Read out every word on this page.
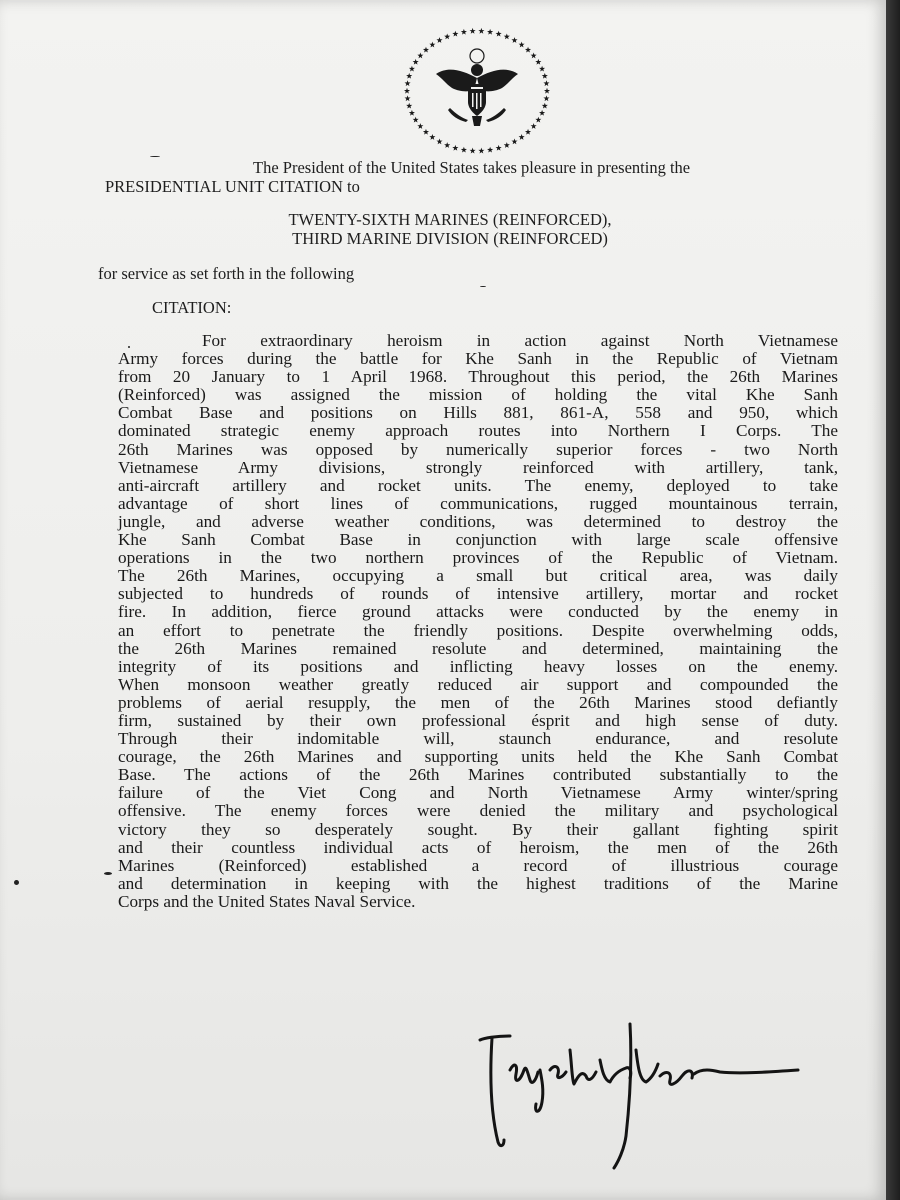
The President of the United States takes pleasure in presenting the
PRESIDENTIAL UNIT CITATION to
TWENTY-SIXTH MARINES (REINFORCED),
THIRD MARINE DIVISION (REINFORCED)
for service as set forth in the following
CITATION:
For extraordinary heroism in action against North Vietnamese
Army forces during the battle for Khe Sanh in the Republic of Vietnam
from 20 January to 1 April 1968. Throughout this period, the 26th Marines
(Reinforced) was assigned the mission of holding the vital Khe Sanh
Combat Base and positions on Hills 881, 861-A, 558 and 950, which
dominated strategic enemy approach routes into Northern I Corps. The
26th Marines was opposed by numerically superior forces - two North
Vietnamese Army divisions, strongly reinforced with artillery, tank,
anti-aircraft artillery and rocket units. The enemy, deployed to take
advantage of short lines of communications, rugged mountainous terrain,
jungle, and adverse weather conditions, was determined to destroy the
Khe Sanh Combat Base in conjunction with large scale offensive
operations in the two northern provinces of the Republic of Vietnam.
The 26th Marines, occupying a small but critical area, was daily
subjected to hundreds of rounds of intensive artillery, mortar and rocket
fire. In addition, fierce ground attacks were conducted by the enemy in
an effort to penetrate the friendly positions. Despite overwhelming odds,
the 26th Marines remained resolute and determined, maintaining the
integrity of its positions and inflicting heavy losses on the enemy.
When monsoon weather greatly reduced air support and compounded the
problems of aerial resupply, the men of the 26th Marines stood defiantly
firm, sustained by their own professional ésprit and high sense of duty.
Through their indomitable will, staunch endurance, and resolute
courage, the 26th Marines and supporting units held the Khe Sanh Combat
Base. The actions of the 26th Marines contributed substantially to the
failure of the Viet Cong and North Vietnamese Army winter/spring
offensive. The enemy forces were denied the military and psychological
victory they so desperately sought. By their gallant fighting spirit
and their countless individual acts of heroism, the men of the 26th
Marines (Reinforced) established a record of illustrious courage
and determination in keeping with the highest traditions of the Marine
Corps and the United States Naval Service.
